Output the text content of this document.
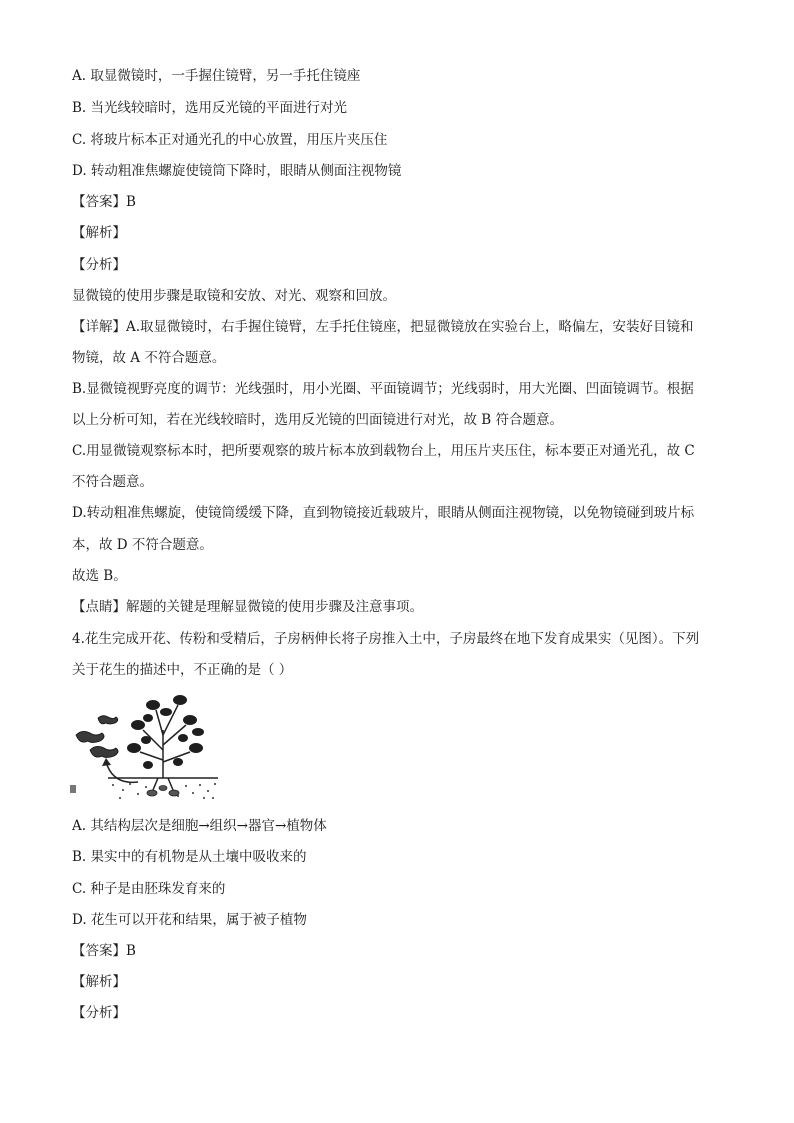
A. 取显微镜时，一手握住镜臂，另一手托住镜座
B. 当光线较暗时，选用反光镜的平面进行对光
C. 将玻片标本正对通光孔的中心放置，用压片夹压住
D. 转动粗准焦螺旋使镜筒下降时，眼睛从侧面注视物镜
【答案】B
【解析】
【分析】
显微镜的使用步骤是取镜和安放、对光、观察和回放。
【详解】A.取显微镜时，右手握住镜臂，左手托住镜座，把显微镜放在实验台上，略偏左，安装好目镜和
物镜，故 A 不符合题意。
B.显微镜视野亮度的调节：光线强时，用小光圈、平面镜调节；光线弱时，用大光圈、凹面镜调节。根据
以上分析可知，若在光线较暗时，选用反光镜的凹面镜进行对光，故 B 符合题意。
C.用显微镜观察标本时，把所要观察的玻片标本放到载物台上，用压片夹压住，标本要正对通光孔，故 C
不符合题意。
D.转动粗准焦螺旋，使镜筒缓缓下降，直到物镜接近载玻片，眼睛从侧面注视物镜，以免物镜碰到玻片标
本，故 D 不符合题意。
故选 B。
【点睛】解题的关键是理解显微镜的使用步骤及注意事项。
4.花生完成开花、传粉和受精后，子房柄伸长将子房推入土中，子房最终在地下发育成果实（见图）。下列
关于花生的描述中，不正确的是（ ）
A. 其结构层次是细胞→组织→器官→植物体
B. 果实中的有机物是从土壤中吸收来的
C. 种子是由胚珠发育来的
D. 花生可以开花和结果，属于被子植物
【答案】B
【解析】
【分析】
